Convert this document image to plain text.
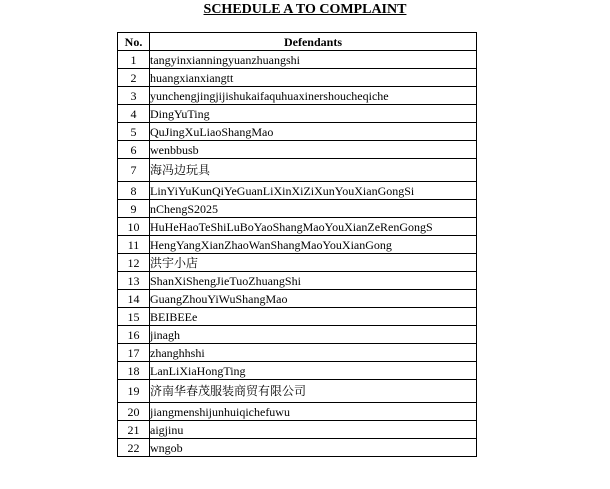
SCHEDULE A TO COMPLAINT
No.	Defendants
1	tangyinxianningyuanzhuangshi
2	huangxianxiangtt
3	yunchengjingjijishukaifaquhuaxinershoucheqiche
4	DingYuTing
5	QuJingXuLiaoShangMao
6	wenbbusb
7	海冯边玩具
8	LinYiYuKunQiYeGuanLiXinXiZiXunYouXianGongSi
9	nChengS2025
10	HuHeHaoTeShiLuBoYaoShangMaoYouXianZeRenGongS
11	HengYangXianZhaoWanShangMaoYouXianGong
12	洪宇小店
13	ShanXiShengJieTuoZhuangShi
14	GuangZhouYiWuShangMao
15	BEIBEEe
16	jinagh
17	zhanghhshi
18	LanLiXiaHongTing
19	济南华春茂服装商贸有限公司
20	jiangmenshijunhuiqichefuwu
21	aigjinu
22	wngob
